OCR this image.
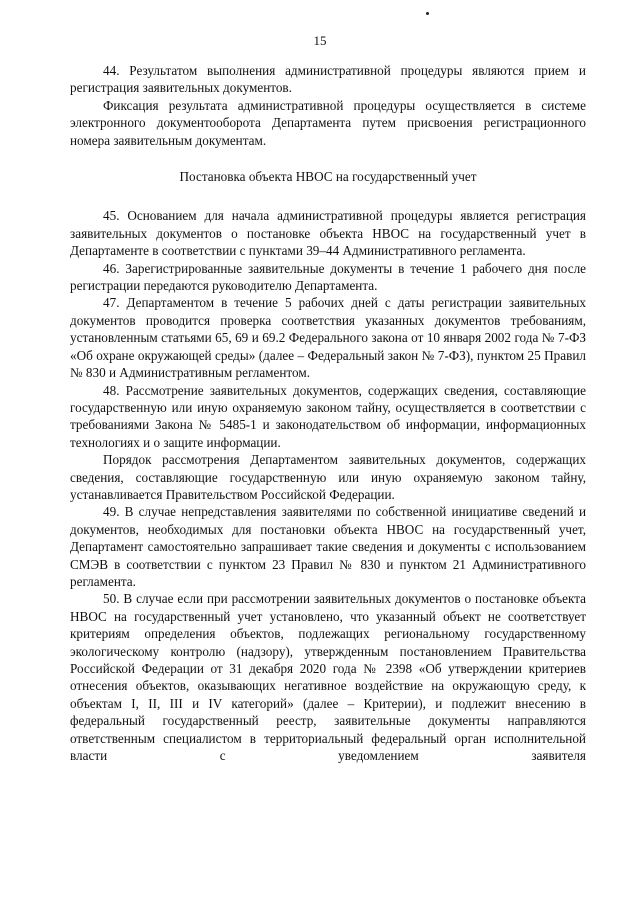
15

44. Результатом выполнения административной процедуры являются прием и регистрация заявительных документов.

Фиксация результата административной процедуры осуществляется в системе электронного документооборота Департамента путем присвоения регистрационного номера заявительным документам.

Постановка объекта НВОС на государственный учет

45. Основанием для начала административной процедуры является регистрация заявительных документов о постановке объекта НВОС на государственный учет в Департаменте в соответствии с пунктами 39–44 Административного регламента.

46. Зарегистрированные заявительные документы в течение 1 рабочего дня после регистрации передаются руководителю Департамента.

47. Департаментом в течение 5 рабочих дней с даты регистрации заявительных документов проводится проверка соответствия указанных документов требованиям, установленным статьями 65, 69 и 69.2 Федерального закона от 10 января 2002 года № 7-ФЗ «Об охране окружающей среды» (далее – Федеральный закон № 7-ФЗ), пунктом 25 Правил № 830 и Административным регламентом.

48. Рассмотрение заявительных документов, содержащих сведения, составляющие государственную или иную охраняемую законом тайну, осуществляется в соответствии с требованиями Закона № 5485-1 и законодательством об информации, информационных технологиях и о защите информации.

Порядок рассмотрения Департаментом заявительных документов, содержащих сведения, составляющие государственную или иную охраняемую законом тайну, устанавливается Правительством Российской Федерации.

49. В случае непредставления заявителями по собственной инициативе сведений и документов, необходимых для постановки объекта НВОС на государственный учет, Департамент самостоятельно запрашивает такие сведения и документы с использованием СМЭВ в соответствии с пунктом 23 Правил № 830 и пунктом 21 Административного регламента.

50. В случае если при рассмотрении заявительных документов о постановке объекта НВОС на государственный учет установлено, что указанный объект не соответствует критериям определения объектов, подлежащих региональному государственному экологическому контролю (надзору), утвержденным постановлением Правительства Российской Федерации от 31 декабря 2020 года № 2398 «Об утверждении критериев отнесения объектов, оказывающих негативное воздействие на окружающую среду, к объектам I, II, III и IV категорий» (далее – Критерии), и подлежит внесению в федеральный государственный реестр, заявительные документы направляются ответственным специалистом в территориальный федеральный орган исполнительной власти с уведомлением заявителя
